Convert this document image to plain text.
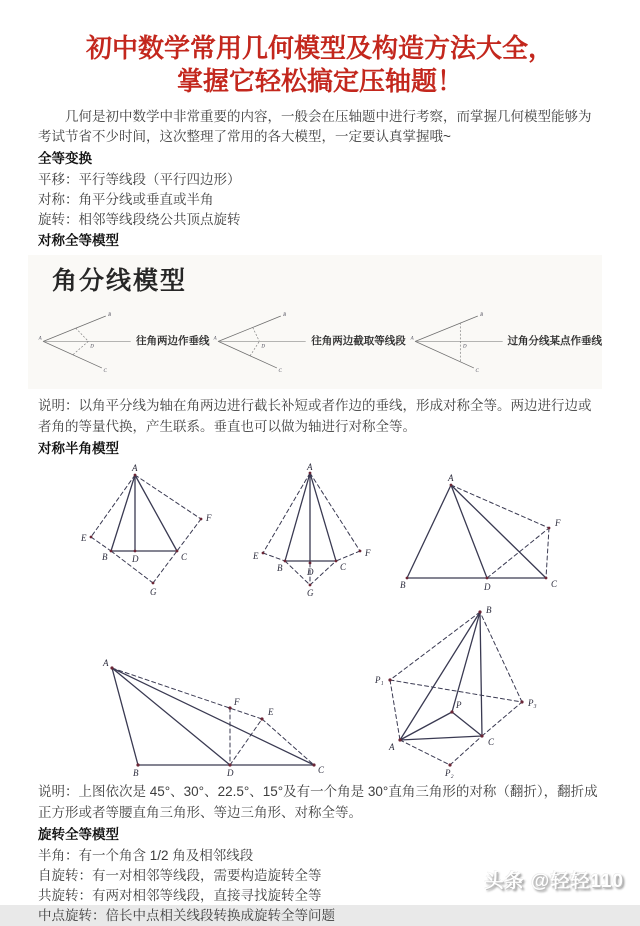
初中数学常用几何模型及构造方法大全，
掌握它轻松搞定压轴题！

几何是初中数学中非常重要的内容，一般会在压轴题中进行考察，而掌握几何模型能够为考试节省不少时间，这次整理了常用的各大模型，一定要认真掌握哦~

全等变换

平移：平行等线段（平行四边形）

对称：角平分线或垂直或半角

旋转：相邻等线段绕公共顶点旋转

对称全等模型
角分线模型
A
B
C
D	往角两边作垂线 A
B
C
D	往角两边截取等线段 A
B
C
D	过角分线某点作垂线

说明：以角平分线为轴在角两边进行截长补短或者作边的垂线，形成对称全等。两边进行边或者角的等量代换，产生联系。垂直也可以做为轴进行对称全等。

对称半角模型
A
E
B	D	C
F
G
A
E
B	D	C
F
G
A
B	D	C
F
A
B	D	C
F
E
B
P₁
P₃
P
A	C
P₂

说明：上图依次是 45°、30°、22.5°、15°及有一个角是 30°直角三角形的对称（翻折），翻折成正方形或者等腰直角三角形、等边三角形、对称全等。

旋转全等模型

半角：有一个角含 1/2 角及相邻线段

自旋转：有一对相邻等线段，需要构造旋转全等

共旋转：有两对相邻等线段，直接寻找旋转全等

中点旋转：倍长中点相关线段转换成旋转全等问题

头条 @轻轻110
